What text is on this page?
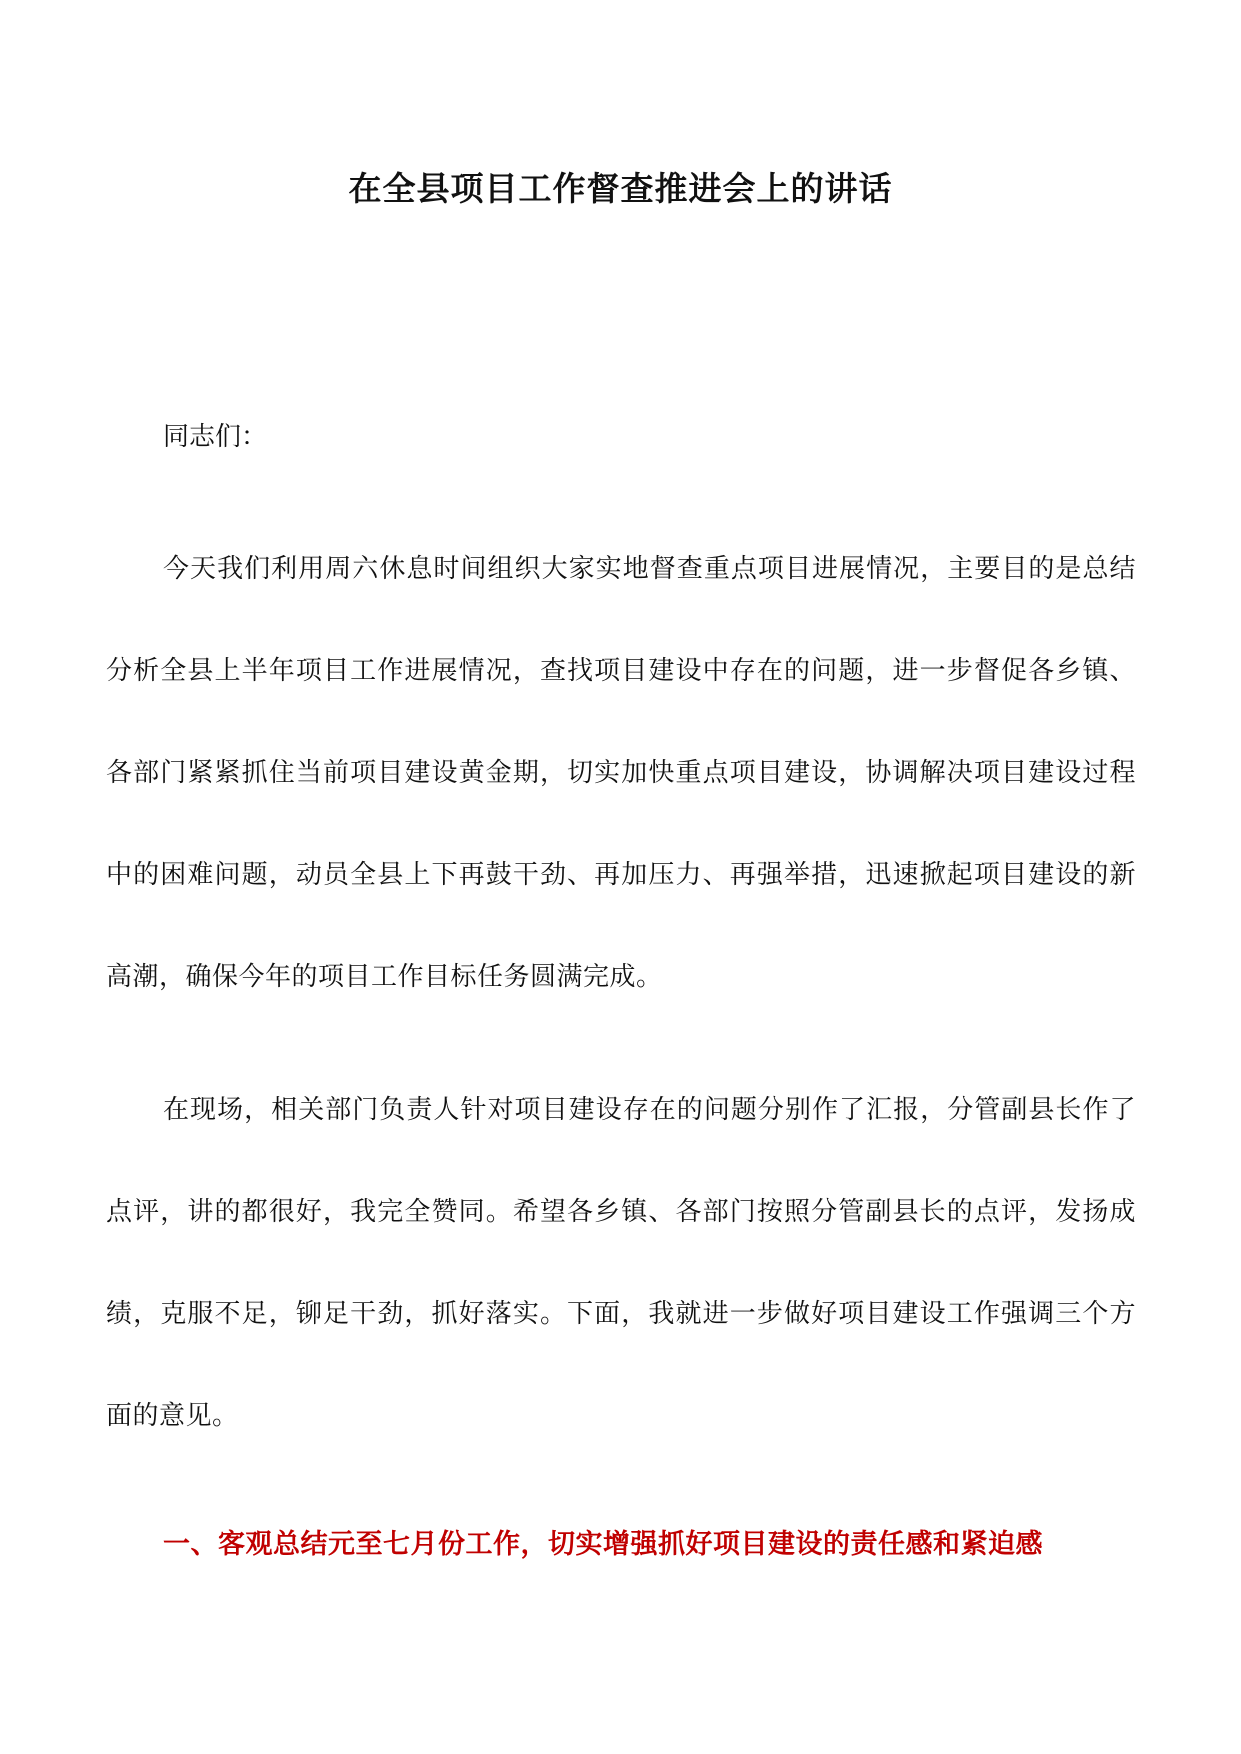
在全县项目工作督查推进会上的讲话
同志们：

今天我们利用周六休息时间组织大家实地督查重点项目进展情况，主要目的是总结分析全县上半年项目工作进展情况，查找项目建设中存在的问题，进一步督促各乡镇、各部门紧紧抓住当前项目建设黄金期，切实加快重点项目建设，协调解决项目建设过程中的困难问题，动员全县上下再鼓干劲、再加压力、再强举措，迅速掀起项目建设的新高潮，确保今年的项目工作目标任务圆满完成。

在现场，相关部门负责人针对项目建设存在的问题分别作了汇报，分管副县长作了点评，讲的都很好，我完全赞同。希望各乡镇、各部门按照分管副县长的点评，发扬成绩，克服不足，铆足干劲，抓好落实。下面，我就进一步做好项目建设工作强调三个方面的意见。

一、客观总结元至七月份工作，切实增强抓好项目建设的责任感和紧迫感
